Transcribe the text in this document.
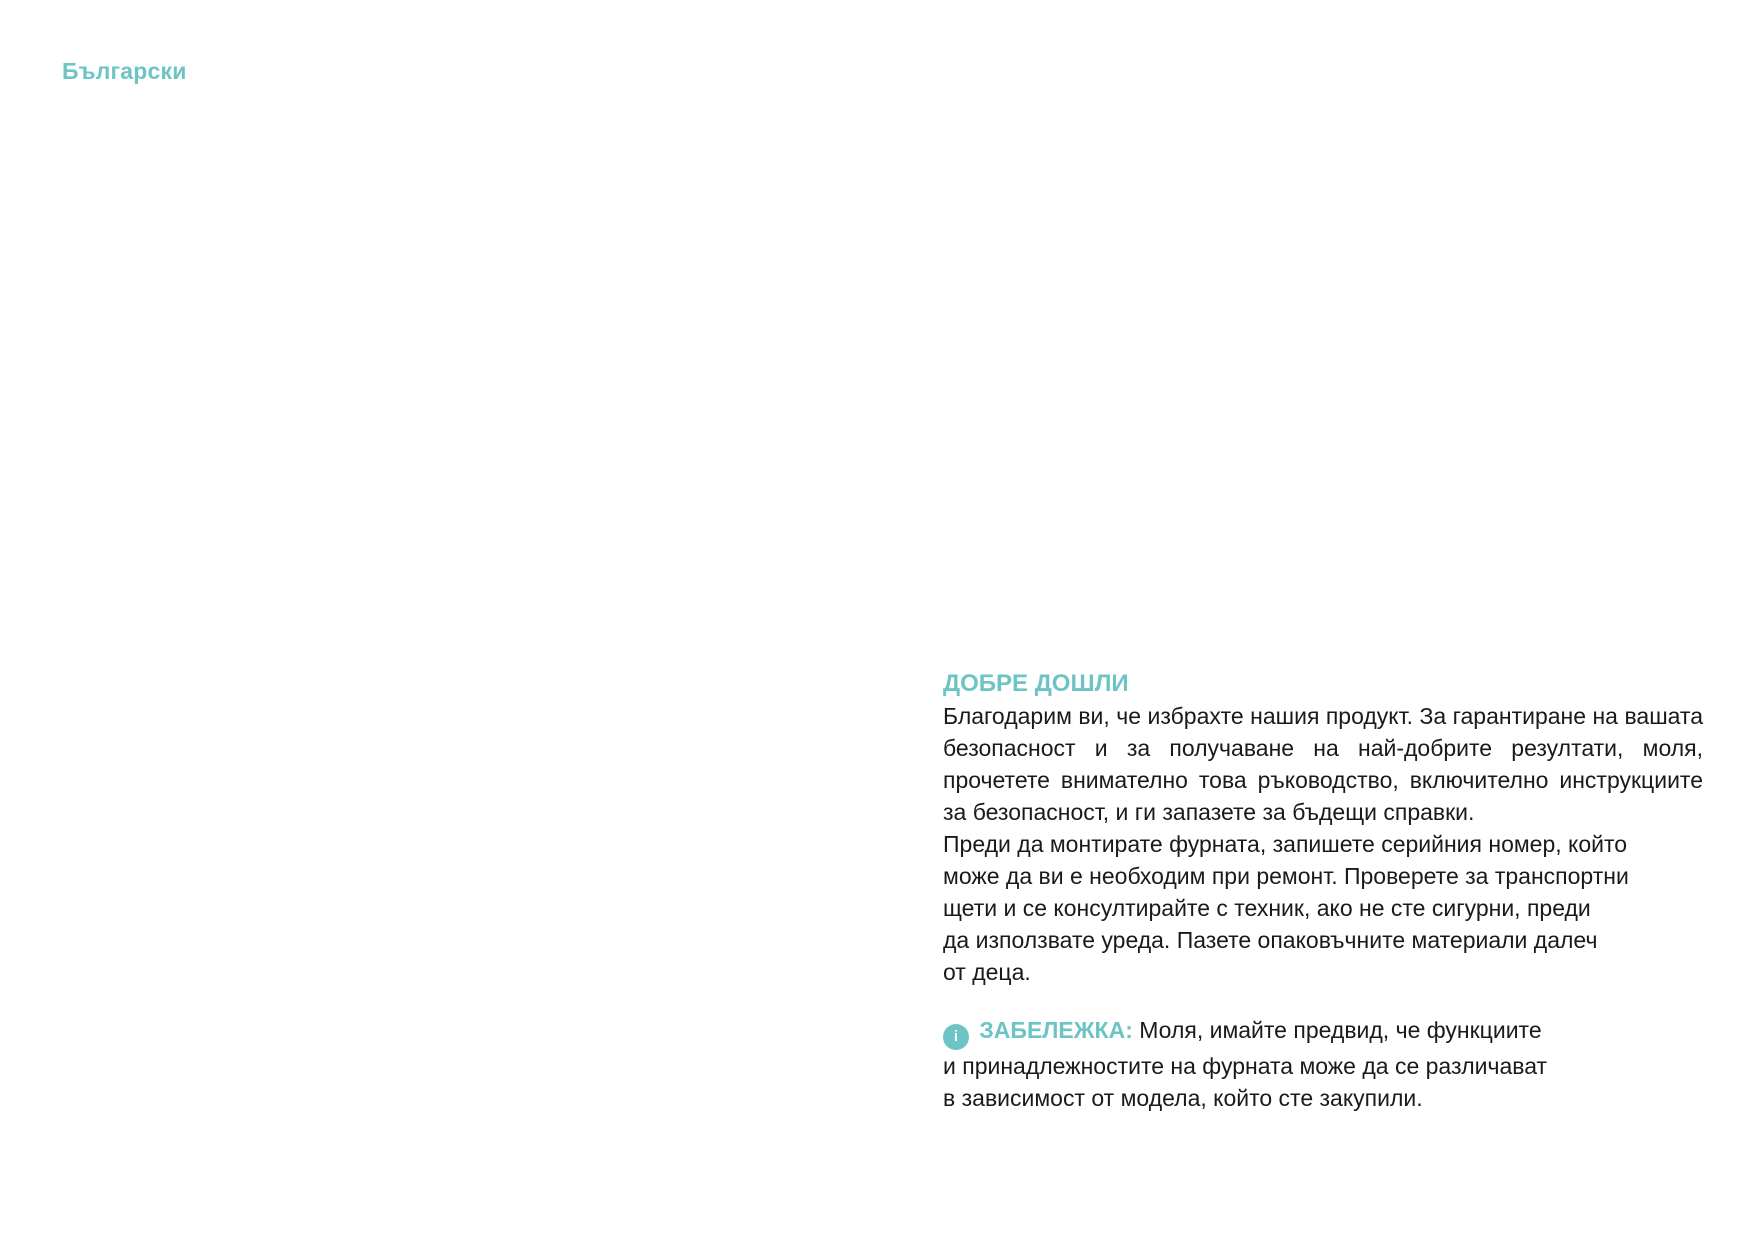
Български
ДОБРЕ ДОШЛИ

Благодарим ви, че избрахте нашия продукт. За гарантиране на вашата безопасност и за получаване на най-добрите резултати, моля, прочетете внимателно това ръководство, включително инструкциите за безопасност, и ги запазете за бъдещи справки.

Преди да монтирате фурната, запишете серийния номер, който
може да ви е необходим при ремонт. Проверете за транспортни
щети и се консултирайте с техник, ако не сте сигурни, преди
да използвате уреда. Пазете опаковъчните материали далеч
от деца.

i ЗАБЕЛЕЖКА: Моля, имайте предвид, че функциите
и принадлежностите на фурната може да се различават
в зависимост от модела, който сте закупили.
